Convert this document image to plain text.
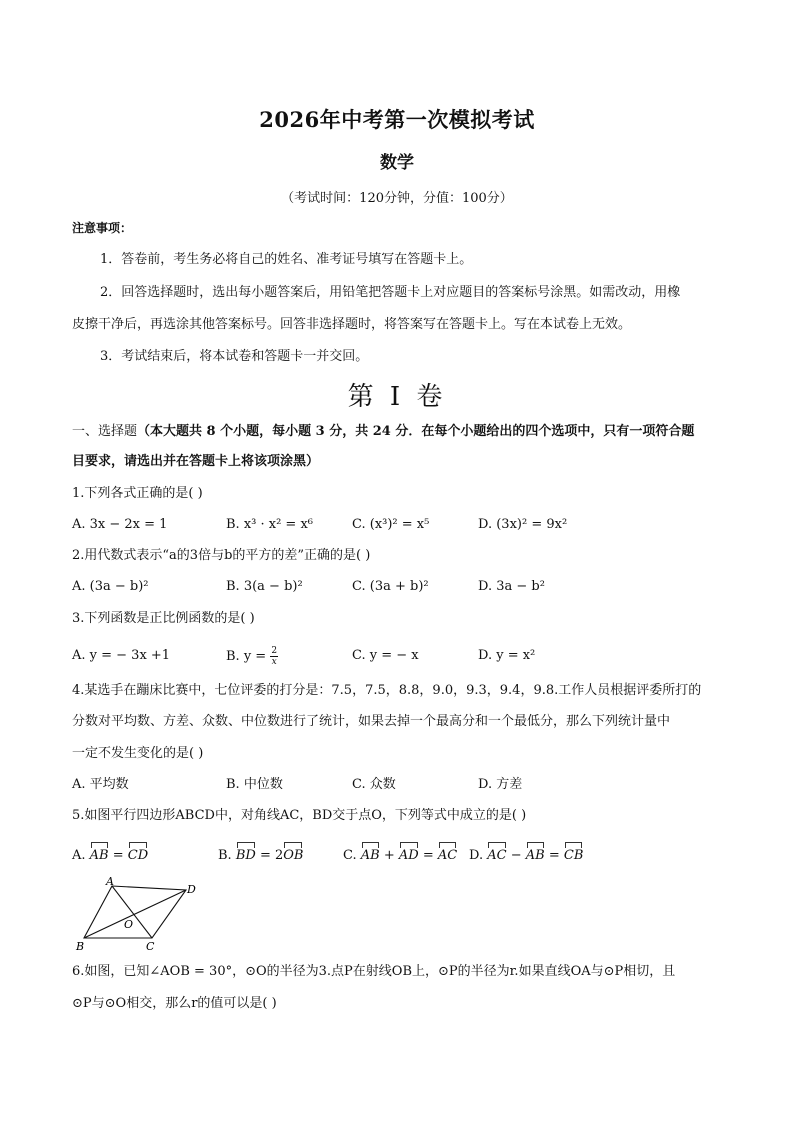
2026年中考第一次模拟考试
数学
（考试时间：120分钟，分值：100分）
注意事项：
1．答卷前，考生务必将自己的姓名、准考证号填写在答题卡上。
2．回答选择题时，选出每小题答案后，用铅笔把答题卡上对应题目的答案标号涂黑。如需改动，用橡
皮擦干净后，再选涂其他答案标号。回答非选择题时，将答案写在答题卡上。写在本试卷上无效。
3．考试结束后，将本试卷和答题卡一并交回。
第 I 卷
一、选择题（本大题共 8 个小题，每小题 3 分，共 24 分．在每个小题给出的四个选项中，只有一项符合题
目要求，请选出并在答题卡上将该项涂黑）
1.下列各式正确的是( )
A. 3x − 2x = 1	B. x³ · x² = x⁶	C. (x³)² = x⁵	D. (3x)² = 9x²
2.用代数式表示“a的3倍与b的平方的差”正确的是( )
A. (3a − b)²	B. 3(a − b)²	C. (3a + b)²	D. 3a − b²
3.下列函数是正比例函数的是( )
A. y = − 3x +1	B. $y = \frac{2}{x}$	C. y = − x	D. y = x²
4.某选手在蹦床比赛中，七位评委的打分是：7.5，7.5，8.8，9.0，9.3，9.4，9.8.工作人员根据评委所打的
分数对平均数、方差、众数、中位数进行了统计，如果去掉一个最高分和一个最低分，那么下列统计量中
一定不发生变化的是( )
A. 平均数	B. 中位数	C. 众数	D. 方差
5.如图平行四边形ABCD中，对角线AC，BD交于点O，下列等式中成立的是( )
A. AB = CD	B. BD = 2OB	C. AB + AD = AC D. AC − AB = CB
A
D
B	C
O
6.如图，已知∠AOB = 30°，⊙O的半径为3.点P在射线OB上，⊙P的半径为r.如果直线OA与⊙P相切，且
⊙P与⊙O相交，那么r的值可以是( )
